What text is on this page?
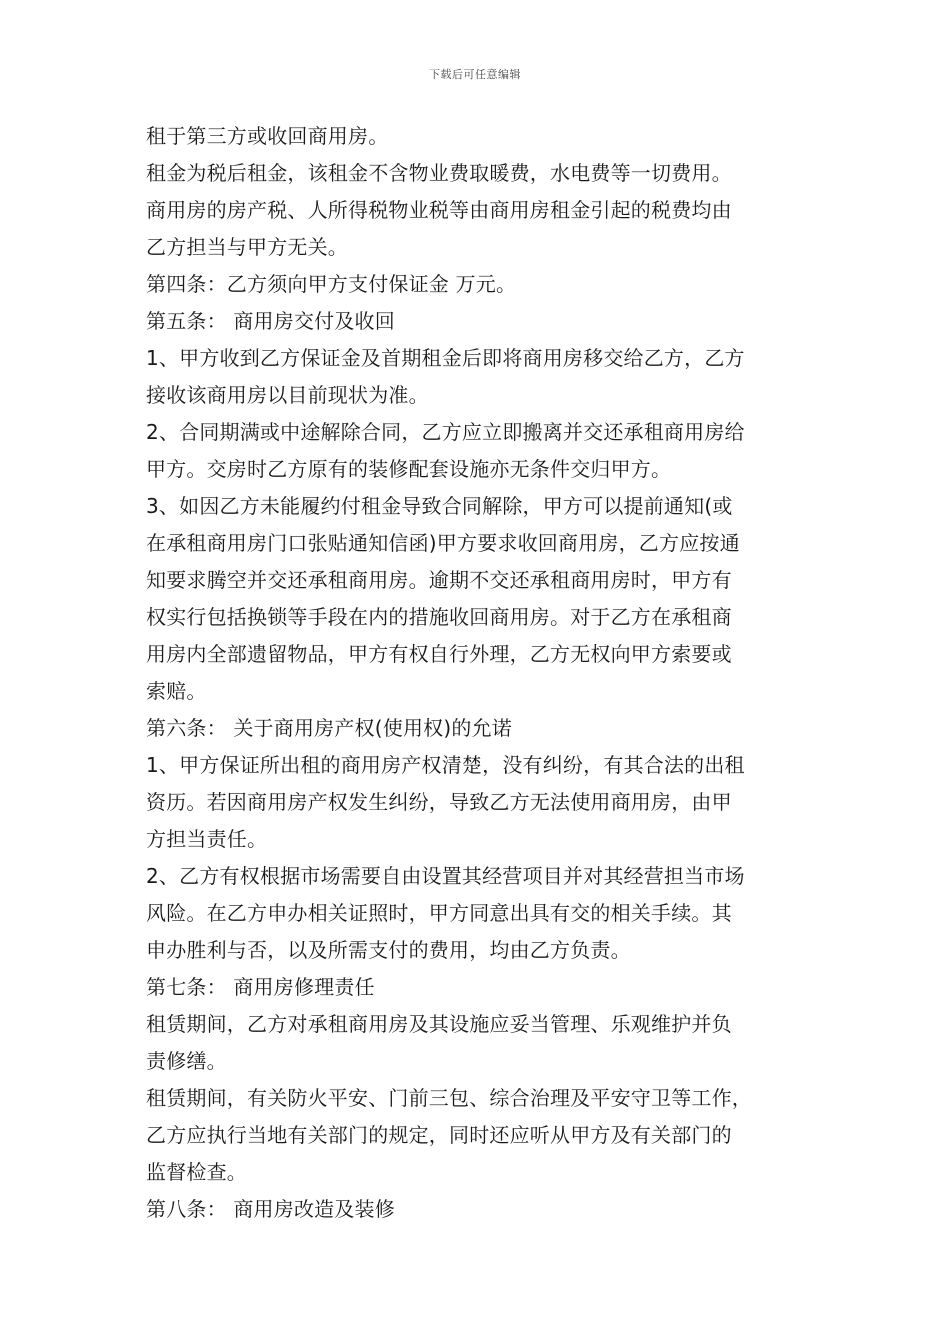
下载后可任意编辑
租于第三方或收回商用房。
租金为税后租金，该租金不含物业费取暖费，水电费等一切费用。
商用房的房产税、人所得税物业税等由商用房租金引起的税费均由
乙方担当与甲方无关。
第四条：乙方须向甲方支付保证金 万元。
第五条： 商用房交付及收回
1、甲方收到乙方保证金及首期租金后即将商用房移交给乙方，乙方
接收该商用房以目前现状为准。
2、合同期满或中途解除合同，乙方应立即搬离并交还承租商用房给
甲方。交房时乙方原有的装修配套设施亦无条件交归甲方。
3、如因乙方未能履约付租金导致合同解除，甲方可以提前通知(或
在承租商用房门口张贴通知信函)甲方要求收回商用房，乙方应按通
知要求腾空并交还承租商用房。逾期不交还承租商用房时，甲方有
权实行包括换锁等手段在内的措施收回商用房。对于乙方在承租商
用房内全部遗留物品，甲方有权自行外理，乙方无权向甲方索要或
索赔。
第六条： 关于商用房产权(使用权)的允诺
1、甲方保证所出租的商用房产权清楚，没有纠纷，有其合法的出租
资历。若因商用房产权发生纠纷，导致乙方无法使用商用房，由甲
方担当责任。
2、乙方有权根据市场需要自由设置其经营项目并对其经营担当市场
风险。在乙方申办相关证照时，甲方同意出具有交的相关手续。其
申办胜利与否，以及所需支付的费用，均由乙方负责。
第七条： 商用房修理责任
租赁期间，乙方对承租商用房及其设施应妥当管理、乐观维护并负
责修缮。
租赁期间，有关防火平安、门前三包、综合治理及平安守卫等工作，
乙方应执行当地有关部门的规定，同时还应听从甲方及有关部门的
监督检查。
第八条： 商用房改造及装修
